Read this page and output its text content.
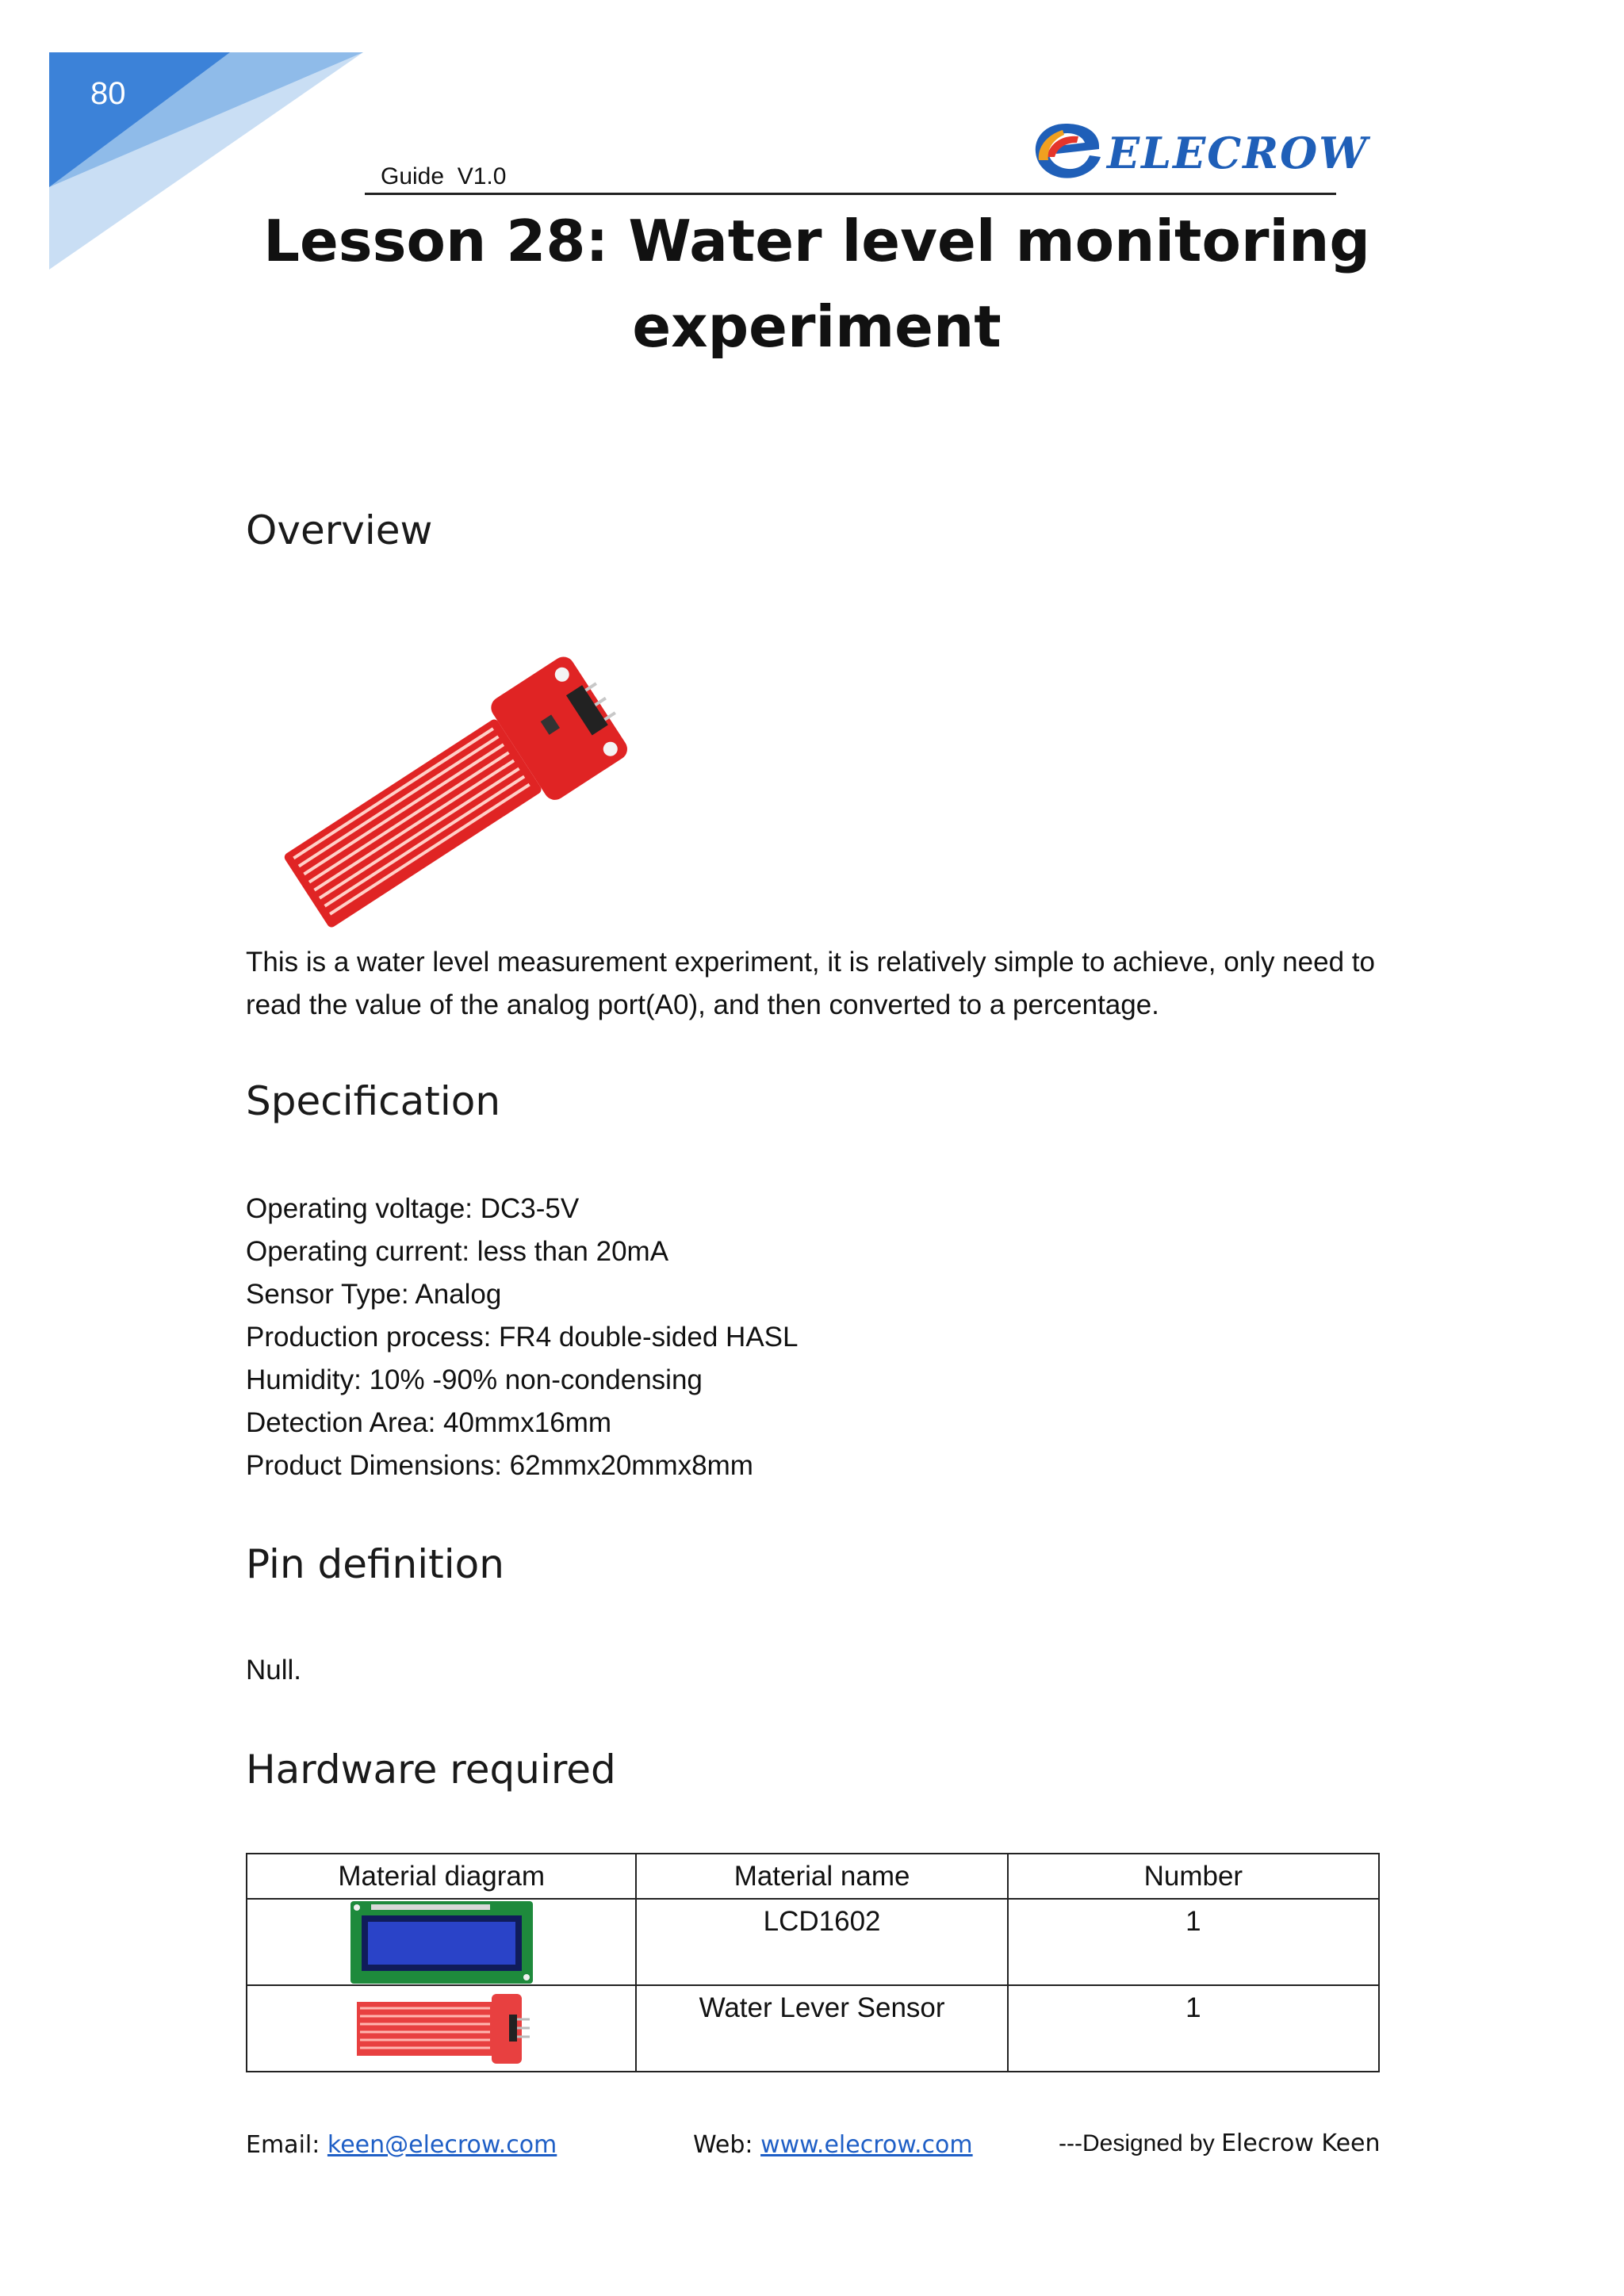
80
Guide  V1.0	ELECROW
Lesson 28: Water level monitoring
experiment
Overview

This is a water level measurement experiment, it is relatively simple to achieve, only need to read the value of the analog port(A0), and then converted to a percentage.

Specification
Operating voltage: DC3-5V
Operating current: less than 20mA
Sensor Type: Analog
Production process: FR4 double-sided HASL
Humidity: 10% -90% non-condensing
Detection Area: 40mmx16mm
Product Dimensions: 62mmx20mmx8mm
Pin definition

Null.

Hardware required
Material diagram	Material name	Number

	LCD1602	1

	Water Lever Sensor	1
Email: keen@elecrow.com	Web: www.elecrow.com	---Designed by Elecrow Keen
